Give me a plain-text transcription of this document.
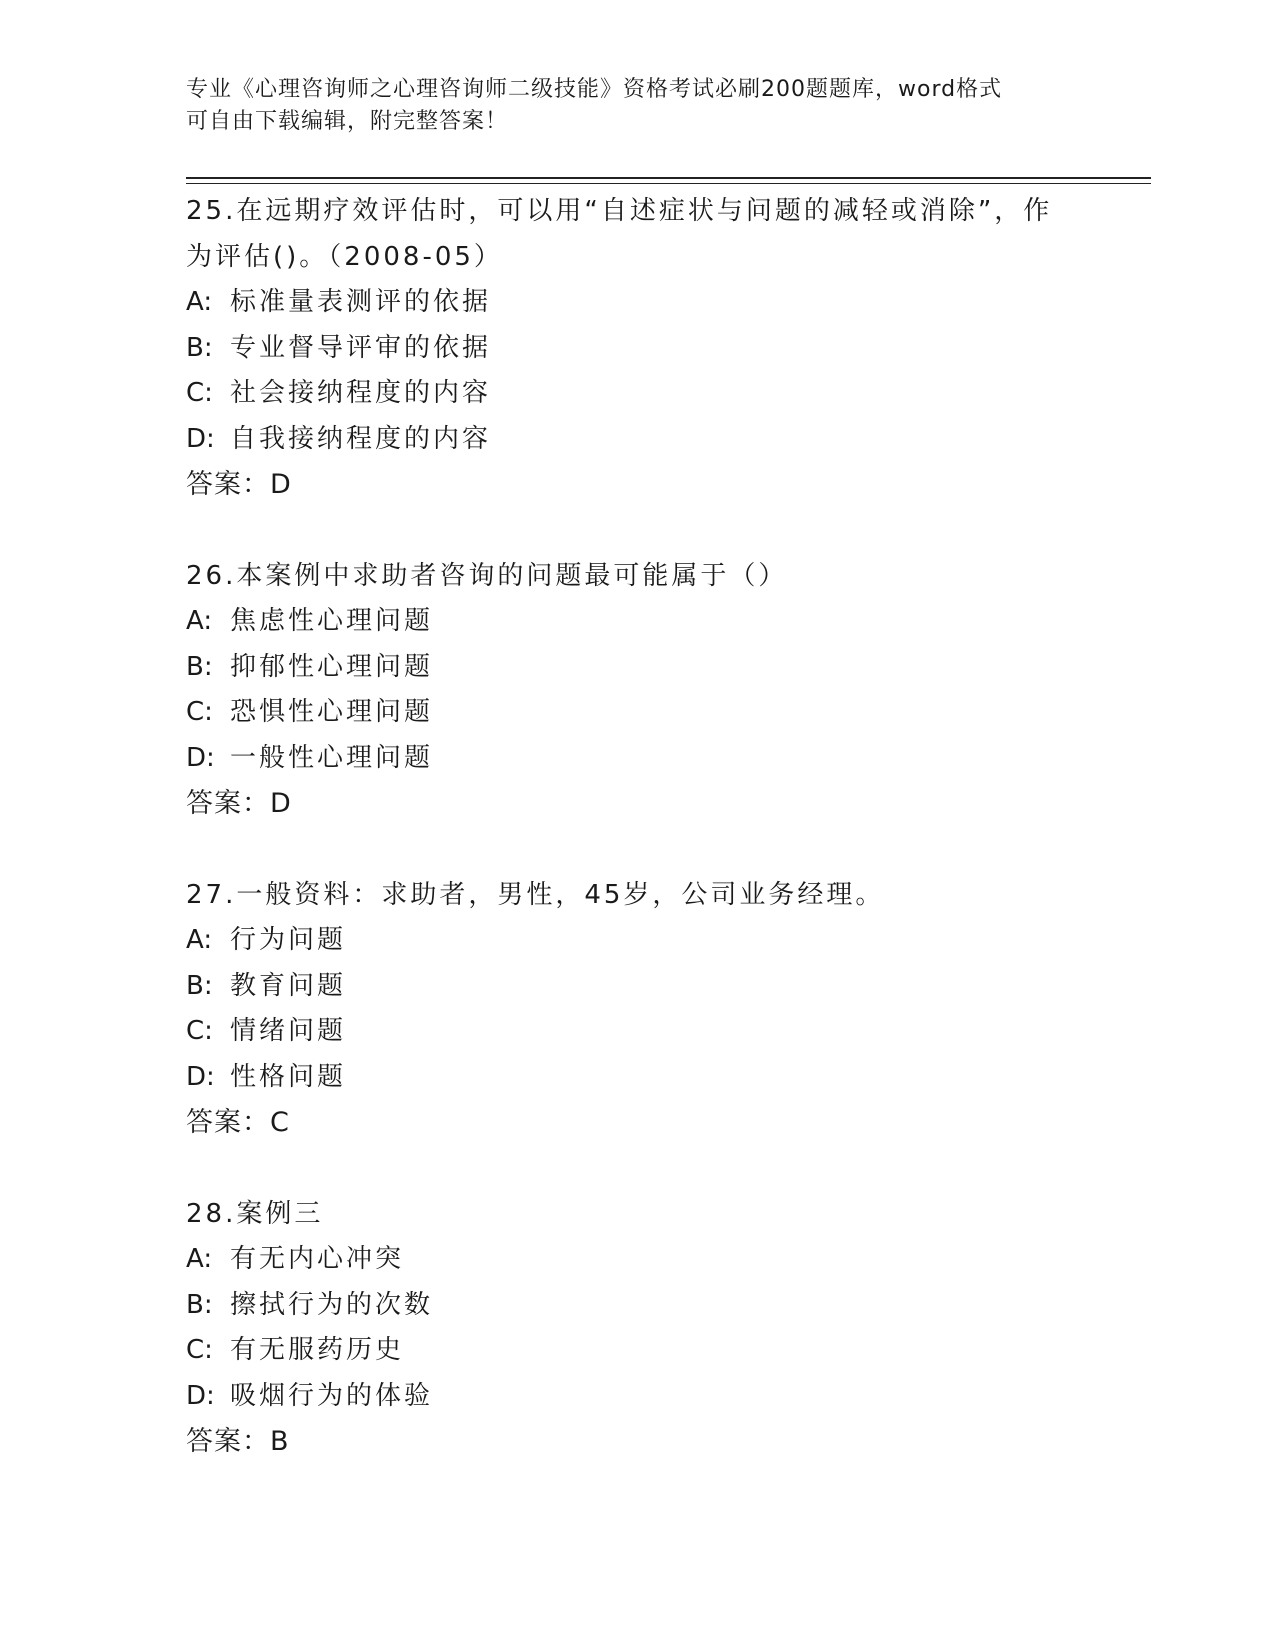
专业《心理咨询师之心理咨询师二级技能》资格考试必刷200题题库，word格式
可自由下载编辑，附完整答案！
25.在远期疗效评估时，可以用“自述症状与问题的减轻或消除”，作
为评估()。（2008-05）
A: 标准量表测评的依据
B: 专业督导评审的依据
C: 社会接纳程度的内容
D: 自我接纳程度的内容
答案：D
26.本案例中求助者咨询的问题最可能属于（）
A: 焦虑性心理问题
B: 抑郁性心理问题
C: 恐惧性心理问题
D: 一般性心理问题
答案：D
27.一般资料：求助者，男性，45岁，公司业务经理。
A: 行为问题
B: 教育问题
C: 情绪问题
D: 性格问题
答案：C
28.案例三
A: 有无内心冲突
B: 擦拭行为的次数
C: 有无服药历史
D: 吸烟行为的体验
答案：B
